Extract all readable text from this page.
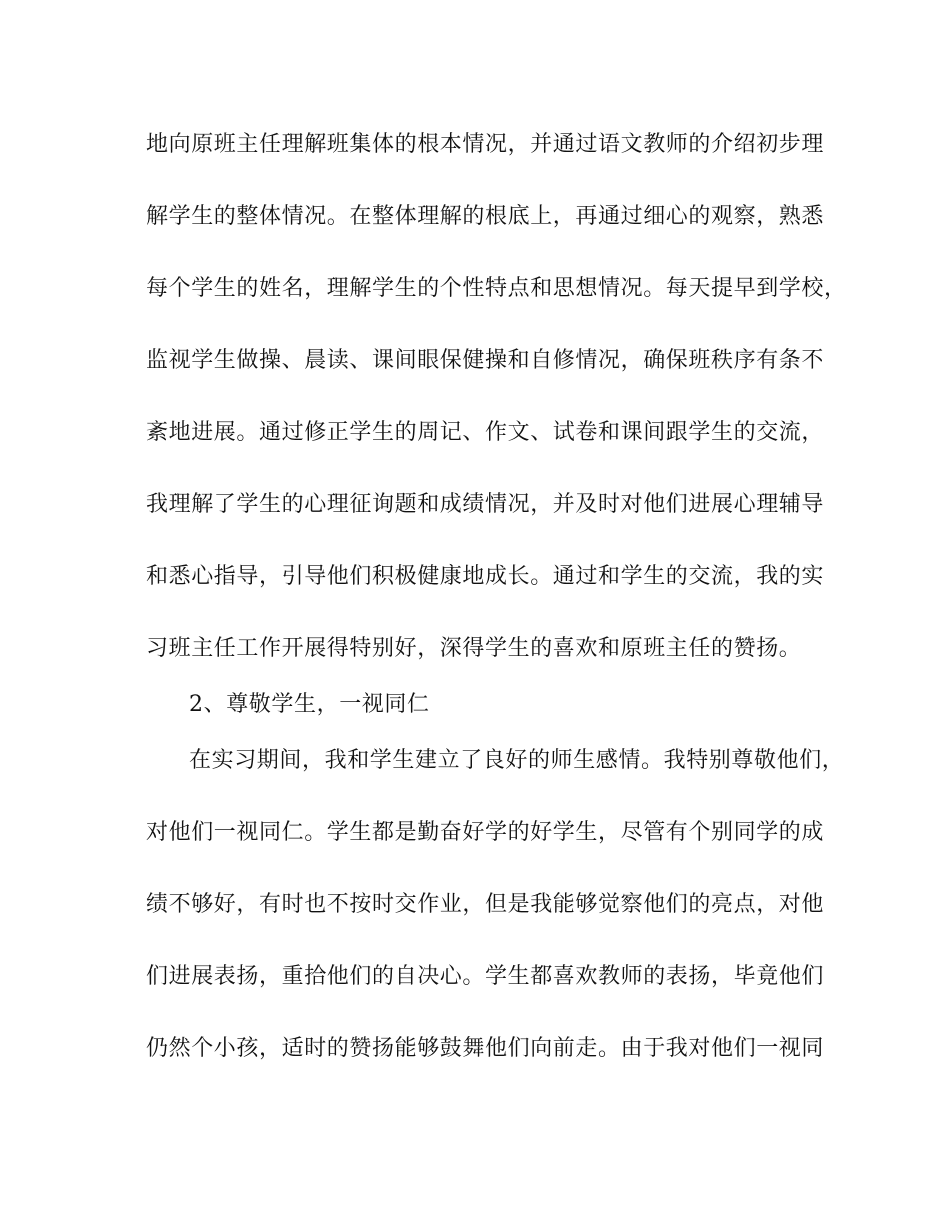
地向原班主任理解班集体的根本情况，并通过语文教师的介绍初步理
解学生的整体情况。在整体理解的根底上，再通过细心的观察，熟悉
每个学生的姓名，理解学生的个性特点和思想情况。每天提早到学校，
监视学生做操、晨读、课间眼保健操和自修情况，确保班秩序有条不
紊地进展。通过修正学生的周记、作文、试卷和课间跟学生的交流，
我理解了学生的心理征询题和成绩情况，并及时对他们进展心理辅导
和悉心指导，引导他们积极健康地成长。通过和学生的交流，我的实
习班主任工作开展得特别好，深得学生的喜欢和原班主任的赞扬。
2、尊敬学生，一视同仁
在实习期间，我和学生建立了良好的师生感情。我特别尊敬他们，
对他们一视同仁。学生都是勤奋好学的好学生，尽管有个别同学的成
绩不够好，有时也不按时交作业，但是我能够觉察他们的亮点，对他
们进展表扬，重拾他们的自决心。学生都喜欢教师的表扬，毕竟他们
仍然个小孩，适时的赞扬能够鼓舞他们向前走。由于我对他们一视同
